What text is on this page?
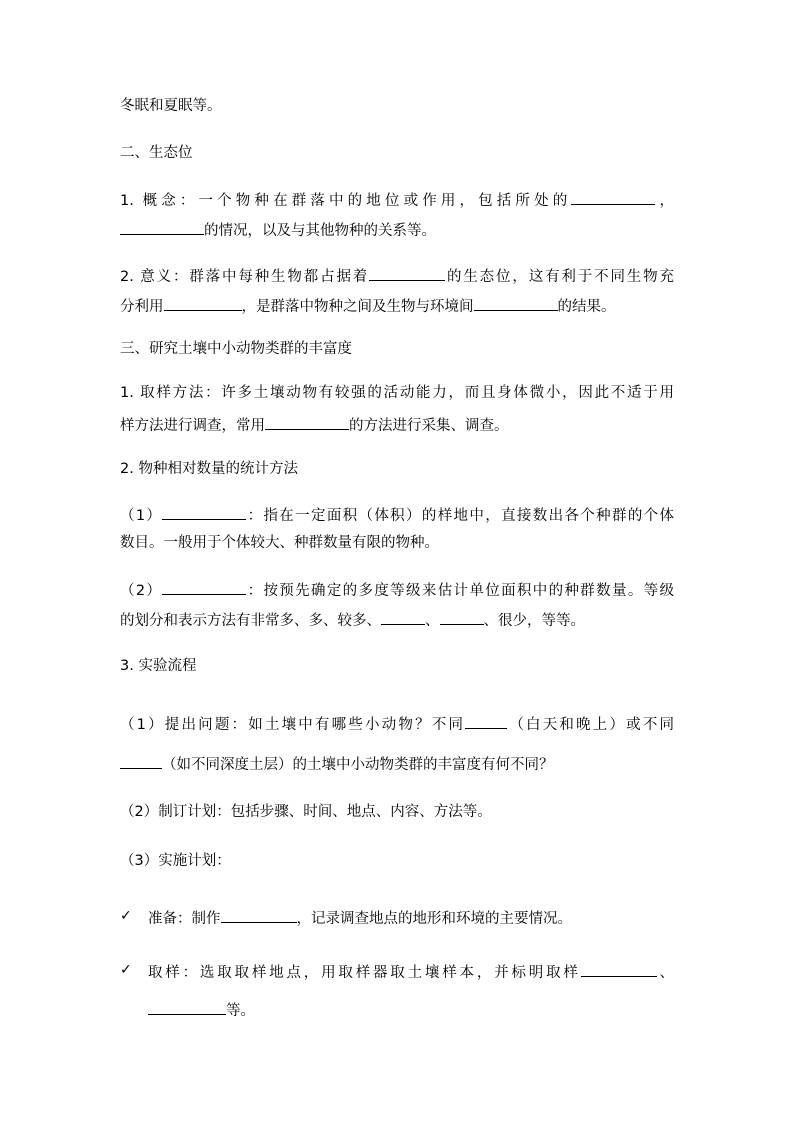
冬眠和夏眠等。
二、生态位
1. 概念：一个物种在群落中的地位或作用，包括所处的	，
的情况，以及与其他物种的关系等。
2. 意义：群落中每种生物都占据着	的生态位，这有利于不同生物充
分利用	，是群落中物种之间及生物与环境间	的结果。
三、研究土壤中小动物类群的丰富度
1. 取样方法：许多土壤动物有较强的活动能力，而且身体微小，因此不适于用
样方法进行调查，常用	的方法进行采集、调查。
2. 物种相对数量的统计方法
（1）	：指在一定面积（体积）的样地中，直接数出各个种群的个体
数目。一般用于个体较大、种群数量有限的物种。
（2）	：按预先确定的多度等级来估计单位面积中的种群数量。等级
的划分和表示方法有非常多、多、较多、	、	、很少，等等。
3. 实验流程
（1）提出问题：如土壤中有哪些小动物？不同	（白天和晚上）或不同
（如不同深度土层）的土壤中小动物类群的丰富度有何不同？
（2）制订计划：包括步骤、时间、地点、内容、方法等。
（3）实施计划：
✓ 准备：制作	，记录调查地点的地形和环境的主要情况。
✓ 取样：选取取样地点，用取样器取土壤样本，并标明取样	、
等。
